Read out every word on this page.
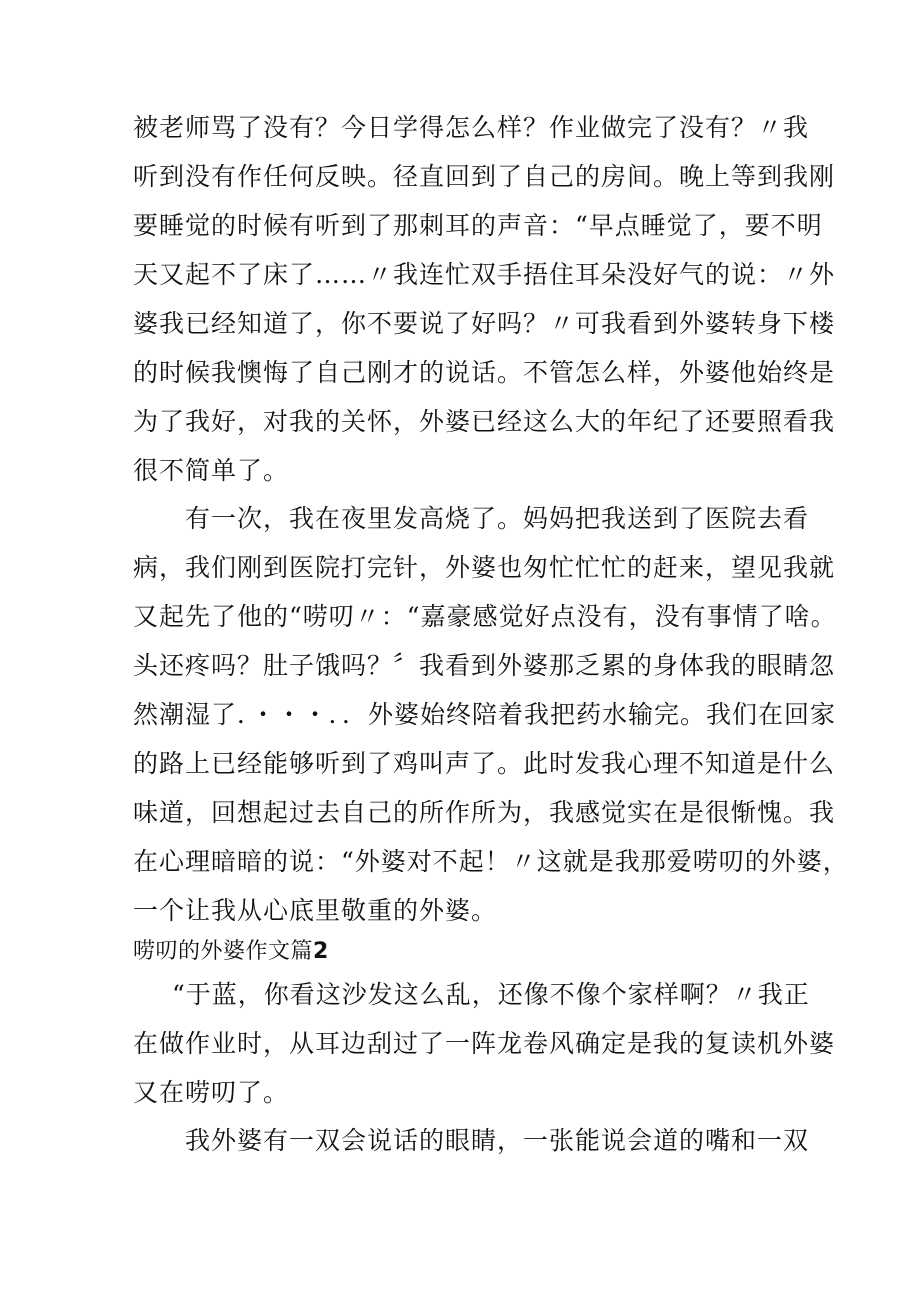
被老师骂了没有？今日学得怎么样？作业做完了没有？〃我
听到没有作任何反映。径直回到了自己的房间。晚上等到我刚
要睡觉的时候有听到了那刺耳的声音：“早点睡觉了，要不明
天又起不了床了……〃我连忙双手捂住耳朵没好气的说：〃外
婆我已经知道了，你不要说了好吗？〃可我看到外婆转身下楼
的时候我懊悔了自己刚才的说话。不管怎么样，外婆他始终是
为了我好，对我的关怀，外婆已经这么大的年纪了还要照看我
很不简单了。
有一次，我在夜里发高烧了。妈妈把我送到了医院去看
病，我们刚到医院打完针，外婆也匆忙忙忙的赶来，望见我就
又起先了他的“唠叨〃：“嘉豪感觉好点没有，没有事情了啥。
头还疼吗？肚子饿吗？〞我看到外婆那乏累的身体我的眼睛忽
然潮湿了．・・・．．外婆始终陪着我把药水输完。我们在回家
的路上已经能够听到了鸡叫声了。此时发我心理不知道是什么
味道，回想起过去自己的所作所为，我感觉实在是很惭愧。我
在心理暗暗的说：“外婆对不起！〃这就是我那爱唠叨的外婆，
一个让我从心底里敬重的外婆。
唠叨的外婆作文篇2
“于蓝，你看这沙发这么乱，还像不像个家样啊？〃我正
在做作业时，从耳边刮过了一阵龙卷风确定是我的复读机外婆
又在唠叨了。
我外婆有一双会说话的眼睛，一张能说会道的嘴和一双
